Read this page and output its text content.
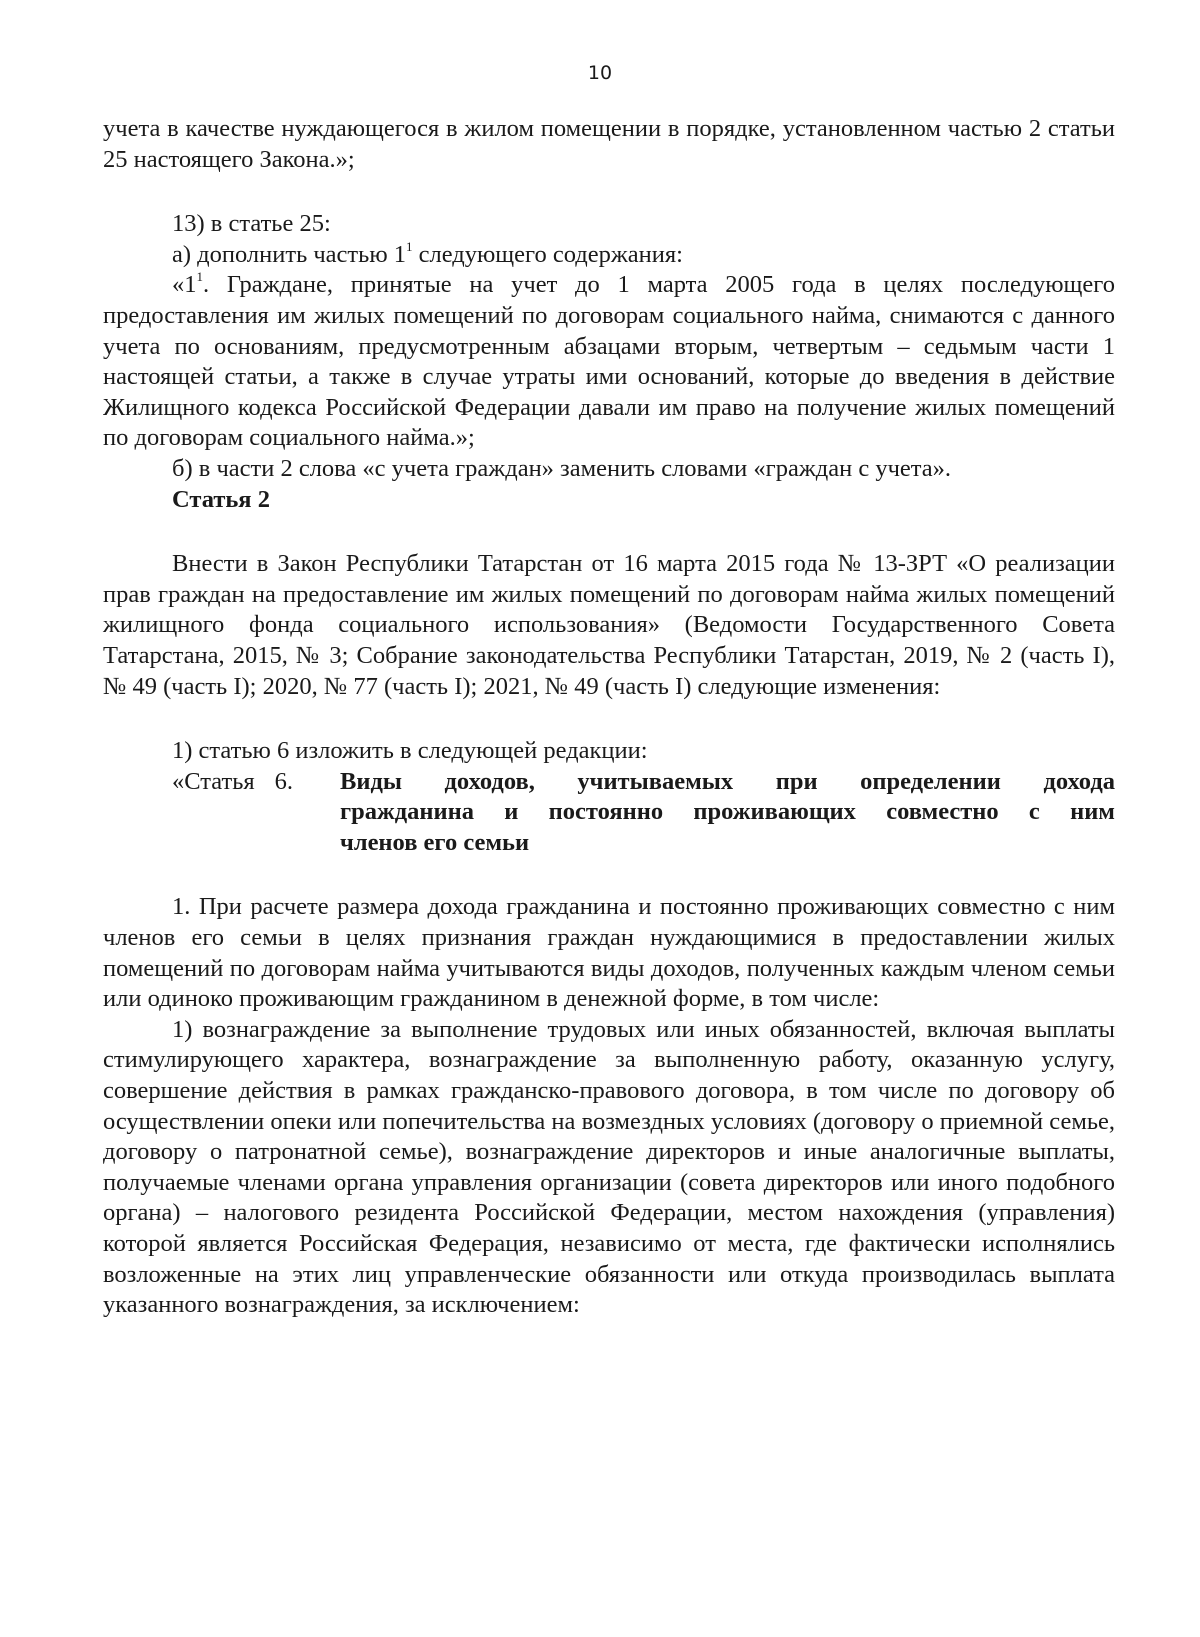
10

учета в качестве нуждающегося в жилом помещении в порядке, установленном частью 2 статьи 25 настоящего Закона.»;

13) в статье 25:

а) дополнить частью $1^1$ следующего содержания:

«$1^1$. Граждане, принятые на учет до 1 марта 2005 года в целях последующего предоставления им жилых помещений по договорам социального найма, снимаются с данного учета по основаниям, предусмотренным абзацами вторым, четвертым – седьмым части 1 настоящей статьи, а также в случае утраты ими оснований, которые до введения в действие Жилищного кодекса Российской Федерации давали им право на получение жилых помещений по договорам социального найма.»;

б) в части 2 слова «с учета граждан» заменить словами «граждан с учета».

Статья 2

Внести в Закон Республики Татарстан от 16 марта 2015 года № 13-ЗРТ «О реализации прав граждан на предоставление им жилых помещений по договорам найма жилых помещений жилищного фонда социального использования» (Ведомости Государственного Совета Татарстана, 2015, № 3; Собрание законодательства Республики Татарстан, 2019, № 2 (часть I), № 49 (часть I); 2020, № 77 (часть I); 2021, № 49 (часть I) следующие изменения:

1) статью 6 изложить в следующей редакции:

«Статья 6. Виды доходов, учитываемых при определении дохода
гражданина и постоянно проживающих совместно с ним
членов его семьи

1. При расчете размера дохода гражданина и постоянно проживающих совместно с ним членов его семьи в целях признания граждан нуждающимися в предоставлении жилых помещений по договорам найма учитываются виды доходов, полученных каждым членом семьи или одиноко проживающим гражданином в денежной форме, в том числе:

1) вознаграждение за выполнение трудовых или иных обязанностей, включая выплаты стимулирующего характера, вознаграждение за выполненную работу, оказанную услугу, совершение действия в рамках гражданско-правового договора, в том числе по договору об осуществлении опеки или попечительства на возмездных условиях (договору о приемной семье, договору о патронатной семье), вознаграждение директоров и иные аналогичные выплаты, получаемые членами органа управления организации (совета директоров или иного подобного органа) – налогового резидента Российской Федерации, местом нахождения (управления) которой является Российская Федерация, независимо от места, где фактически исполнялись возложенные на этих лиц управленческие обязанности или откуда производилась выплата указанного вознаграждения, за исключением:
